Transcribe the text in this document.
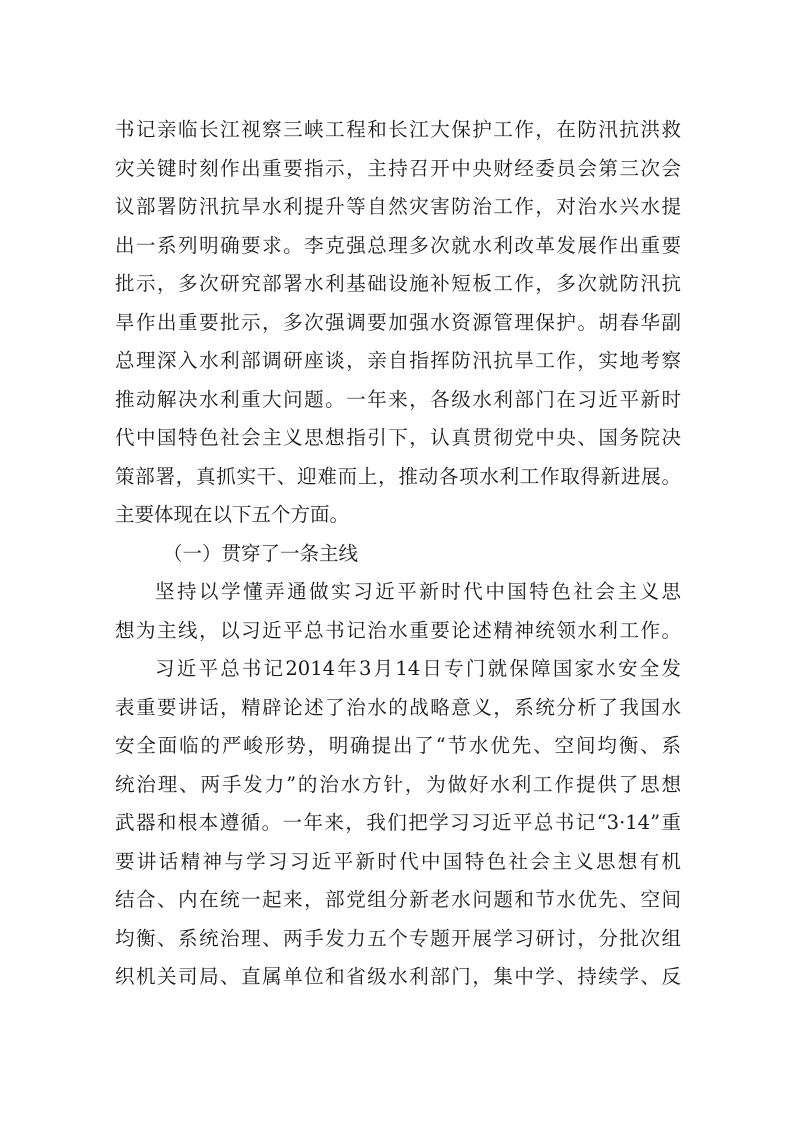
书记亲临长江视察三峡工程和长江大保护工作，在防汛抗洪救
灾关键时刻作出重要指示，主持召开中央财经委员会第三次会
议部署防汛抗旱水利提升等自然灾害防治工作，对治水兴水提
出一系列明确要求。李克强总理多次就水利改革发展作出重要
批示，多次研究部署水利基础设施补短板工作，多次就防汛抗
旱作出重要批示，多次强调要加强水资源管理保护。胡春华副
总理深入水利部调研座谈，亲自指挥防汛抗旱工作，实地考察
推动解决水利重大问题。一年来，各级水利部门在习近平新时
代中国特色社会主义思想指引下，认真贯彻党中央、国务院决
策部署，真抓实干、迎难而上，推动各项水利工作取得新进展。
主要体现在以下五个方面。
（一）贯穿了一条主线
坚持以学懂弄通做实习近平新时代中国特色社会主义思
想为主线，以习近平总书记治水重要论述精神统领水利工作。
习近平总书记2014年3月14日专门就保障国家水安全发
表重要讲话，精辟论述了治水的战略意义，系统分析了我国水
安全面临的严峻形势，明确提出了“节水优先、空间均衡、系
统治理、两手发力”的治水方针，为做好水利工作提供了思想
武器和根本遵循。一年来，我们把学习习近平总书记“3·14”重
要讲话精神与学习习近平新时代中国特色社会主义思想有机
结合、内在统一起来，部党组分新老水问题和节水优先、空间
均衡、系统治理、两手发力五个专题开展学习研讨，分批次组
织机关司局、直属单位和省级水利部门，集中学、持续学、反
